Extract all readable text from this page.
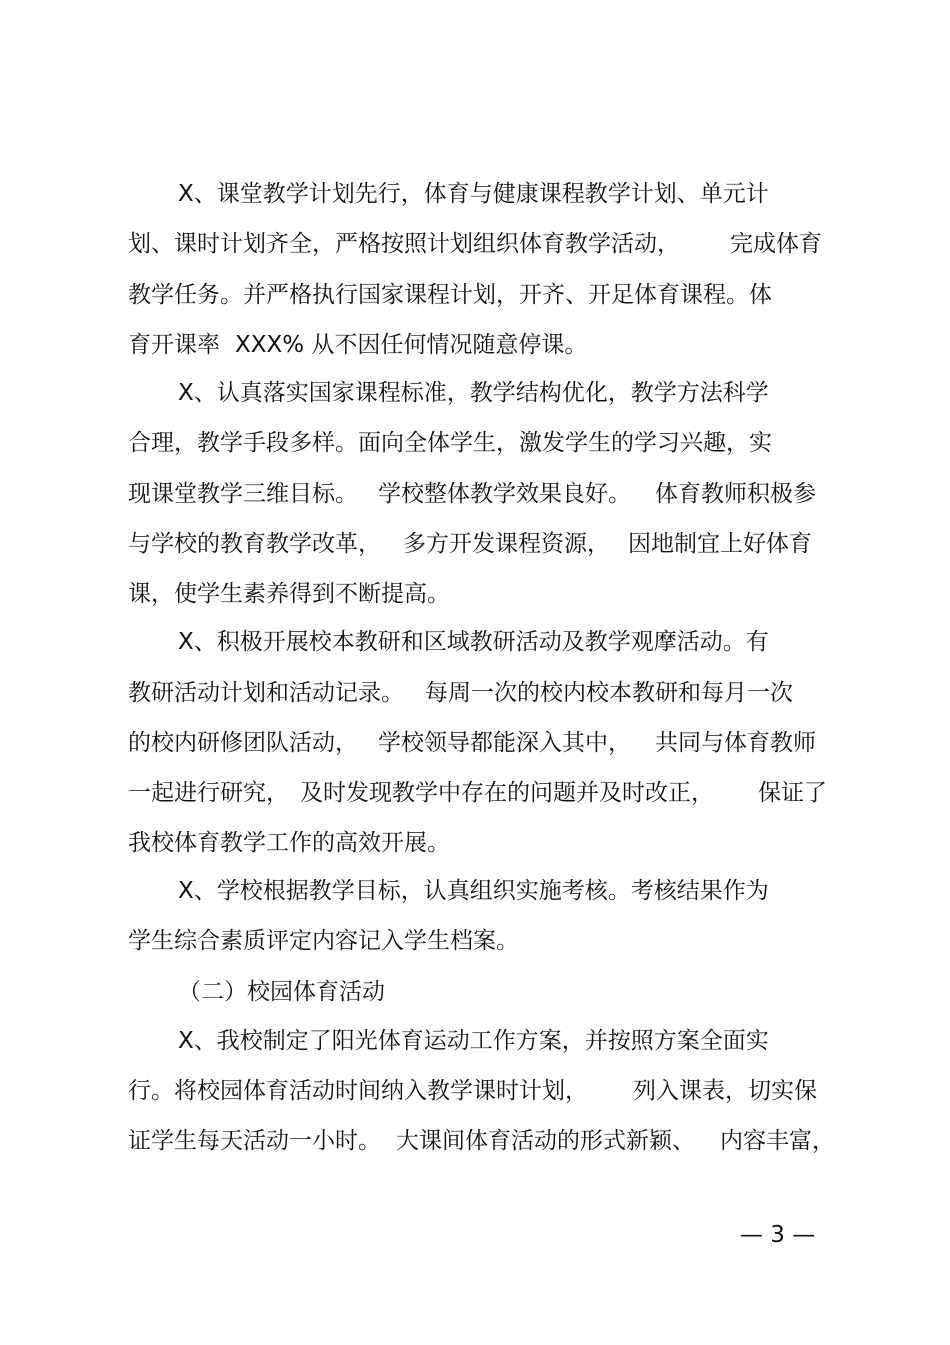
X、课堂教学计划先行，体育与健康课程教学计划、单元计
划、课时计划齐全，严格按照计划组织体育教学活动，	完成体育
教学任务。并严格执行国家课程计划，开齐、开足体育课程。体
育开课率 XXX% 从不因任何情况随意停课。
X、认真落实国家课程标准，教学结构优化，教学方法科学
合理，教学手段多样。面向全体学生，激发学生的学习兴趣，实
现课堂教学三维目标。 学校整体教学效果良好。	体育教师积极参
与学校的教育教学改革， 多方开发课程资源， 因地制宜上好体育
课，使学生素养得到不断提高。
X、积极开展校本教研和区域教研活动及教学观摩活动。有
教研活动计划和活动记录。 每周一次的校内校本教研和每月一次
的校内研修团队活动， 学校领导都能深入其中，	共同与体育教师
一起进行研究， 及时发现教学中存在的问题并及时改正，	保证了
我校体育教学工作的高效开展。
X、学校根据教学目标，认真组织实施考核。考核结果作为
学生综合素质评定内容记入学生档案。
（二）校园体育活动
X、我校制定了阳光体育运动工作方案，并按照方案全面实
行。将校园体育活动时间纳入教学课时计划，	列入课表，切实保
证学生每天活动一小时。 大课间体育活动的形式新颖、	内容丰富，
— 3 —
